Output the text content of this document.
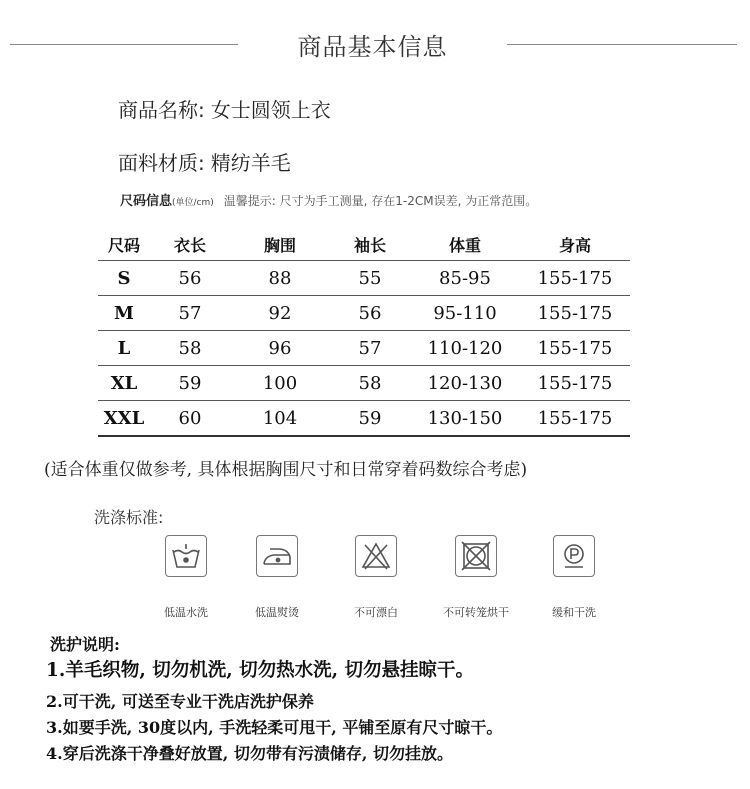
商品基本信息
商品名称: 女士圆领上衣
面料材质: 精纺羊毛
尺码信息(单位/cm) 温馨提示: 尺寸为手工测量, 存在1-2CM误差, 为正常范围。
尺码	衣长	胸围	袖长	体重	身高
S	56	88	55	85-95	155-175
M	57	92	56	95-110	155-175
L	58	96	57	110-120	155-175
XL	59	100	58	120-130	155-175
XXL	60	104	59	130-150	155-175
(适合体重仅做参考, 具体根据胸围尺寸和日常穿着码数综合考虑)
洗涤标准:
低温水洗	低温熨烫	不可漂白	不可转笼烘干	缓和干洗
洗护说明:
1.羊毛织物, 切勿机洗, 切勿热水洗, 切勿悬挂晾干。
2.可干洗, 可送至专业干洗店洗护保养
3.如要手洗, 30度以内, 手洗轻柔可甩干, 平铺至原有尺寸晾干。
4.穿后洗涤干净叠好放置, 切勿带有污渍储存, 切勿挂放。
